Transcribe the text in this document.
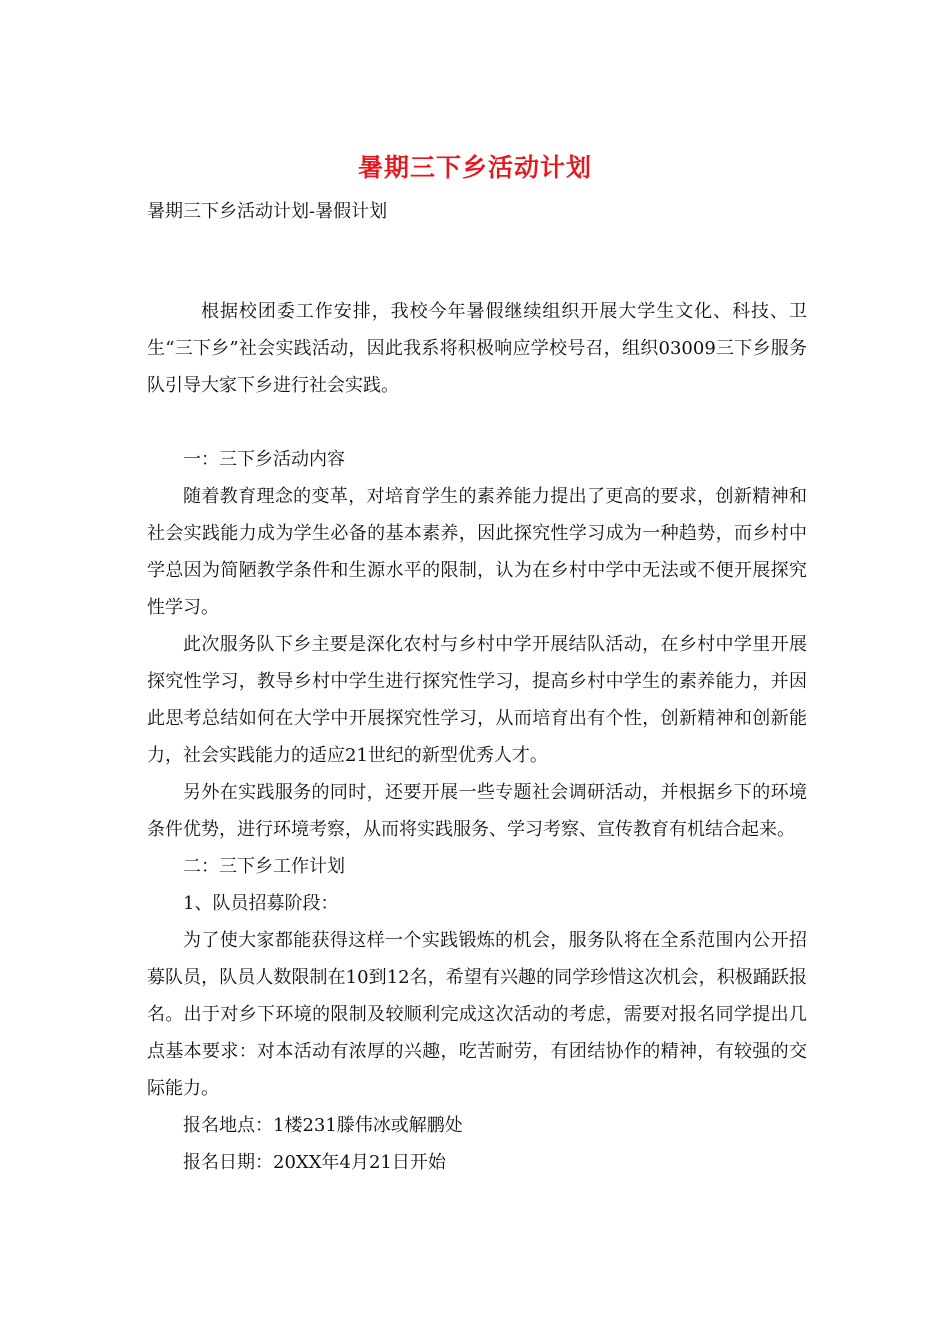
暑期三下乡活动计划
暑期三下乡活动计划-暑假计划

根据校团委工作安排，我校今年暑假继续组织开展大学生文化、科技、卫生“三下乡”社会实践活动，因此我系将积极响应学校号召，组织03009三下乡服务队引导大家下乡进行社会实践。

一：三下乡活动内容

随着教育理念的变革，对培育学生的素养能力提出了更高的要求，创新精神和社会实践能力成为学生必备的基本素养，因此探究性学习成为一种趋势，而乡村中学总因为简陋教学条件和生源水平的限制，认为在乡村中学中无法或不便开展探究性学习。

此次服务队下乡主要是深化农村与乡村中学开展结队活动，在乡村中学里开展探究性学习，教导乡村中学生进行探究性学习，提高乡村中学生的素养能力，并因此思考总结如何在大学中开展探究性学习，从而培育出有个性，创新精神和创新能力，社会实践能力的适应21世纪的新型优秀人才。

另外在实践服务的同时，还要开展一些专题社会调研活动，并根据乡下的环境条件优势，进行环境考察，从而将实践服务、学习考察、宣传教育有机结合起来。

二：三下乡工作计划

1、队员招募阶段：

为了使大家都能获得这样一个实践锻炼的机会，服务队将在全系范围内公开招募队员，队员人数限制在10到12名，希望有兴趣的同学珍惜这次机会，积极踊跃报名。出于对乡下环境的限制及较顺利完成这次活动的考虑，需要对报名同学提出几点基本要求：对本活动有浓厚的兴趣，吃苦耐劳，有团结协作的精神，有较强的交际能力。

报名地点：1楼231滕伟冰或解鹏处

报名日期：20XX年4月21日开始
